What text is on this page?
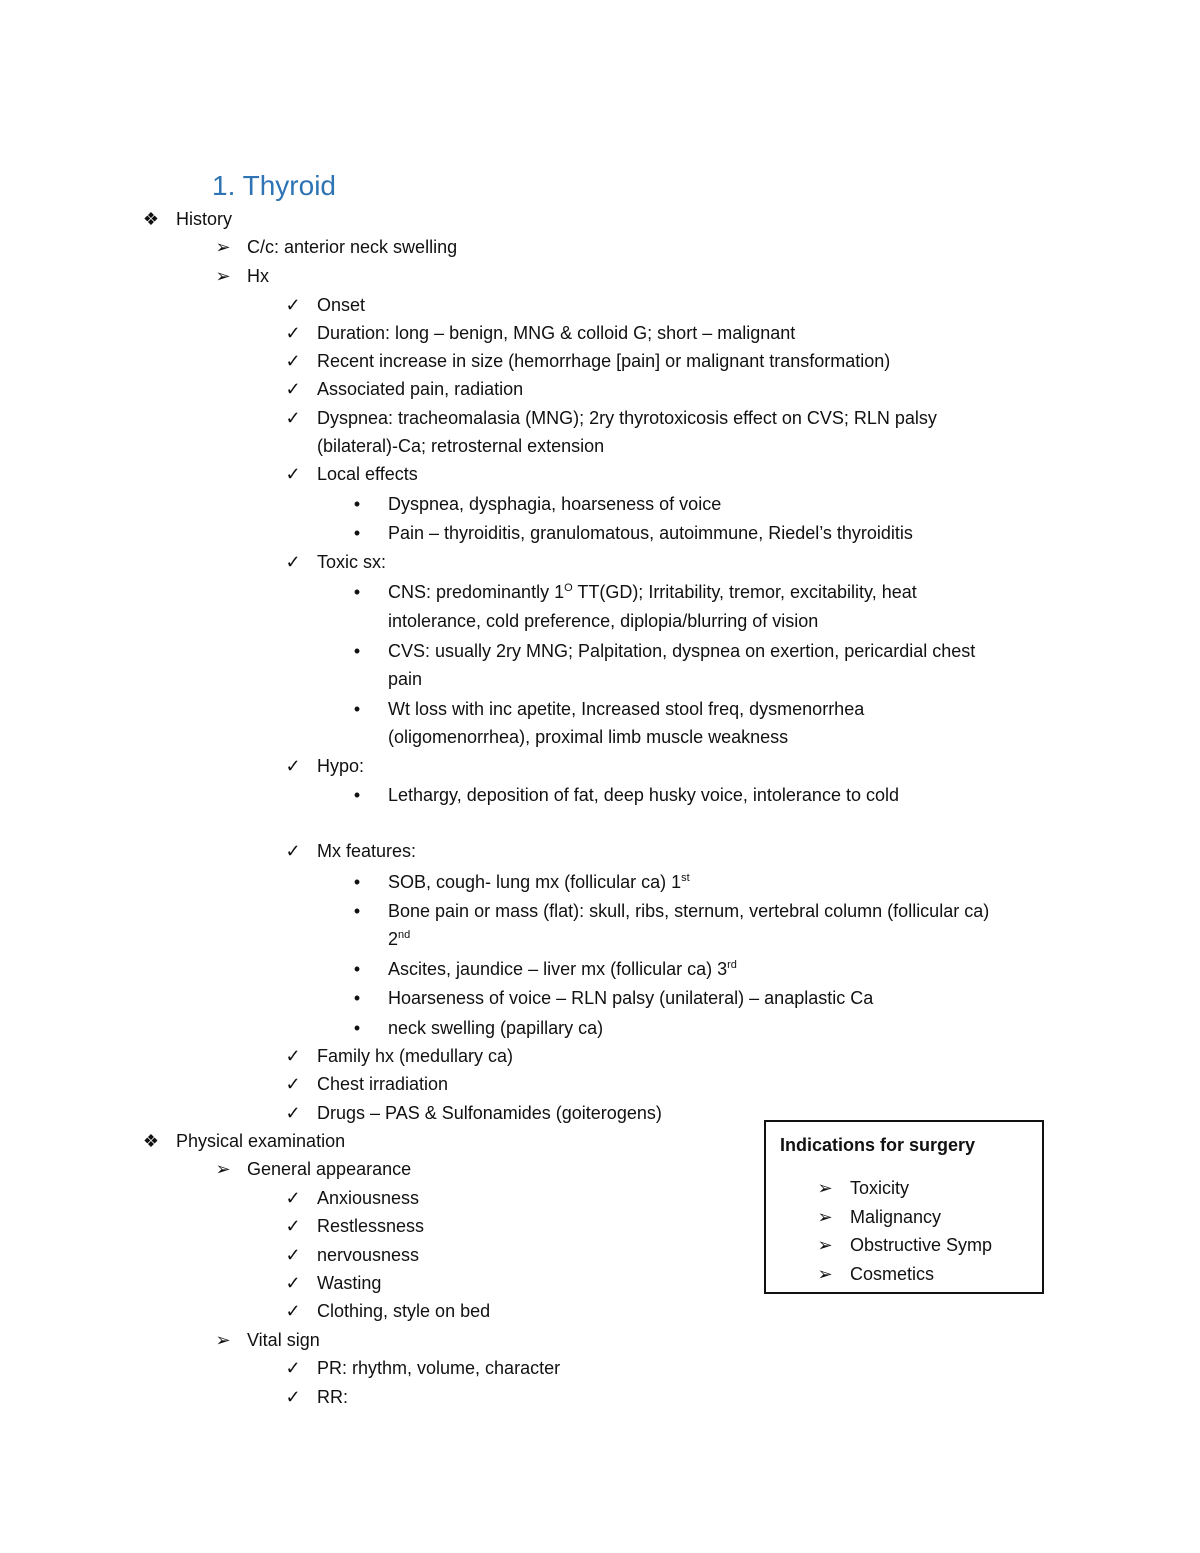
1. Thyroid
❖ History
➢ C/c: anterior neck swelling
➢ Hx
✓ Onset
✓ Duration: long – benign, MNG & colloid G; short – malignant
✓ Recent increase in size (hemorrhage [pain] or malignant transformation)
✓ Associated pain, radiation
✓ Dyspnea: tracheomalasia (MNG); 2ry thyrotoxicosis effect on CVS; RLN palsy
(bilateral)-Ca; retrosternal extension
✓ Local effects
•	Dyspnea, dysphagia, hoarseness of voice
•	Pain – thyroiditis, granulomatous, autoimmune, Riedel’s thyroiditis
✓ Toxic sx:
•	CNS: predominantly $1^O$ TT(GD); Irritability, tremor, excitability, heat
intolerance, cold preference, diplopia/blurring of vision
•	CVS: usually 2ry MNG; Palpitation, dyspnea on exertion, pericardial chest
pain
•	Wt loss with inc apetite, Increased stool freq, dysmenorrhea
(oligomenorrhea), proximal limb muscle weakness
✓ Hypo:
•	Lethargy, deposition of fat, deep husky voice, intolerance to cold
✓ Mx features:
•	SOB, cough- lung mx (follicular ca) 1st
•	Bone pain or mass (flat): skull, ribs, sternum, vertebral column (follicular ca)
2nd
•	Ascites, jaundice – liver mx (follicular ca) 3rd
•	Hoarseness of voice – RLN palsy (unilateral) – anaplastic Ca
•	neck swelling (papillary ca)
✓ Family hx (medullary ca)
✓ Chest irradiation
✓ Drugs – PAS & Sulfonamides (goiterogens)
❖ Physical examination
➢ General appearance
✓ Anxiousness
✓ Restlessness
✓ nervousness
✓ Wasting
✓ Clothing, style on bed
➢ Vital sign
✓ PR: rhythm, volume, character
✓ RR:
Indications for surgery
➢ Toxicity
➢ Malignancy
➢ Obstructive Symp
➢ Cosmetics
